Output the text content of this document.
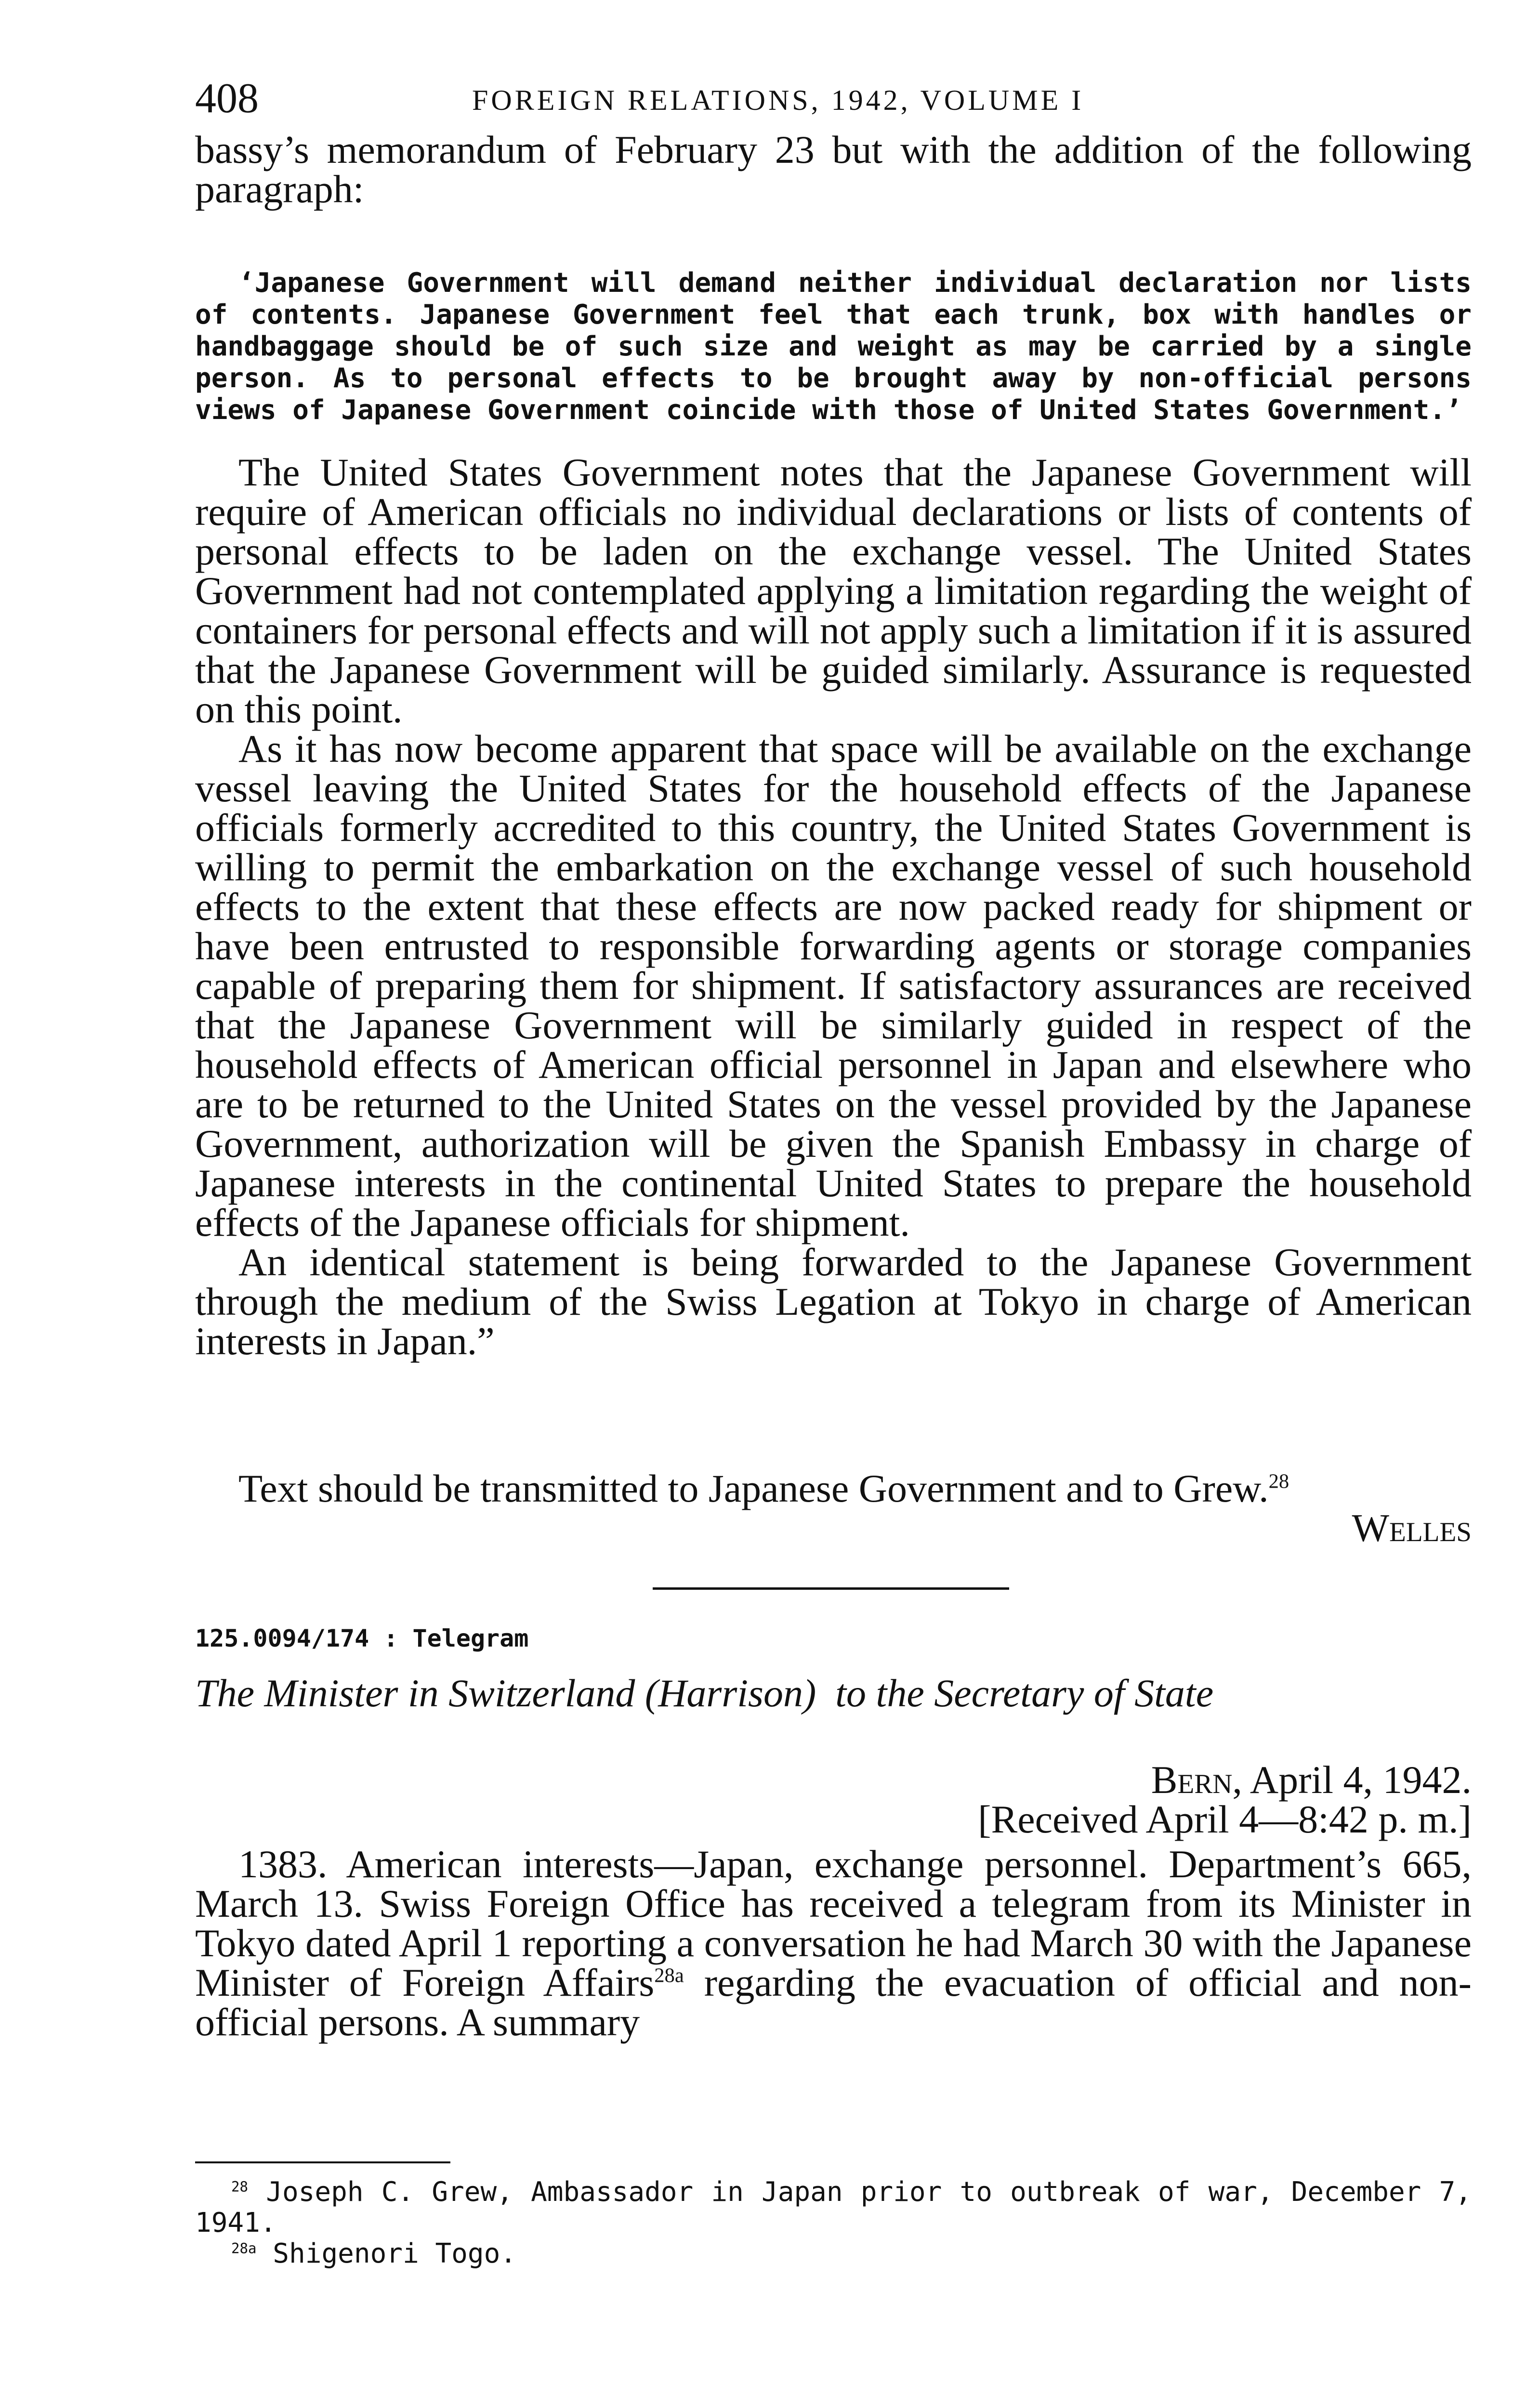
408	FOREIGN RELATIONS, 1942, VOLUME I

bassy’s memorandum of February 23 but with the addition of the following paragraph:

‘Japanese Government will demand neither individual declaration nor lists of contents. Japanese Government feel that each trunk, box with handles or handbaggage should be of such size and weight as may be carried by a single person. As to personal effects to be brought away by non-official persons views of Japanese Government coincide with those of United States Government.’

The United States Government notes that the Japanese Government will require of American officials no individual declarations or lists of contents of personal effects to be laden on the exchange vessel. The United States Government had not contemplated applying a limitation regarding the weight of containers for personal effects and will not apply such a limitation if it is assured that the Japanese Government will be guided similarly. Assurance is requested on this point.

As it has now become apparent that space will be available on the exchange vessel leaving the United States for the household effects of the Japanese officials formerly accredited to this country, the United States Government is willing to permit the embarkation on the exchange vessel of such household effects to the extent that these effects are now packed ready for shipment or have been entrusted to responsible forwarding agents or storage companies capable of preparing them for shipment. If satisfactory assurances are received that the Japanese Government will be similarly guided in respect of the household effects of American official personnel in Japan and elsewhere who are to be returned to the United States on the vessel provided by the Japanese Government, authorization will be given the Spanish Embassy in charge of Japanese interests in the continental United States to prepare the household effects of the Japanese officials for shipment.

An identical statement is being forwarded to the Japanese Government through the medium of the Swiss Legation at Tokyo in charge of American interests in Japan.”

Text should be transmitted to Japanese Government and to Grew.$^{28}$

Welles

125.0094/174 : Telegram
The Minister in Switzerland (Harrison) to the Secretary of State

Bern, April 4, 1942.

[Received April 4—8:42 p. m.]

1383. American interests—Japan, exchange personnel. Department’s 665, March 13. Swiss Foreign Office has received a telegram from its Minister in Tokyo dated April 1 reporting a conversation he had March 30 with the Japanese Minister of Foreign Affairs$^{28a}$ regarding the evacuation of official and non-official persons. A summary

$^{28}$ Joseph C. Grew, Ambassador in Japan prior to outbreak of war, December 7, 1941.

$^{28a}$ Shigenori Togo.
